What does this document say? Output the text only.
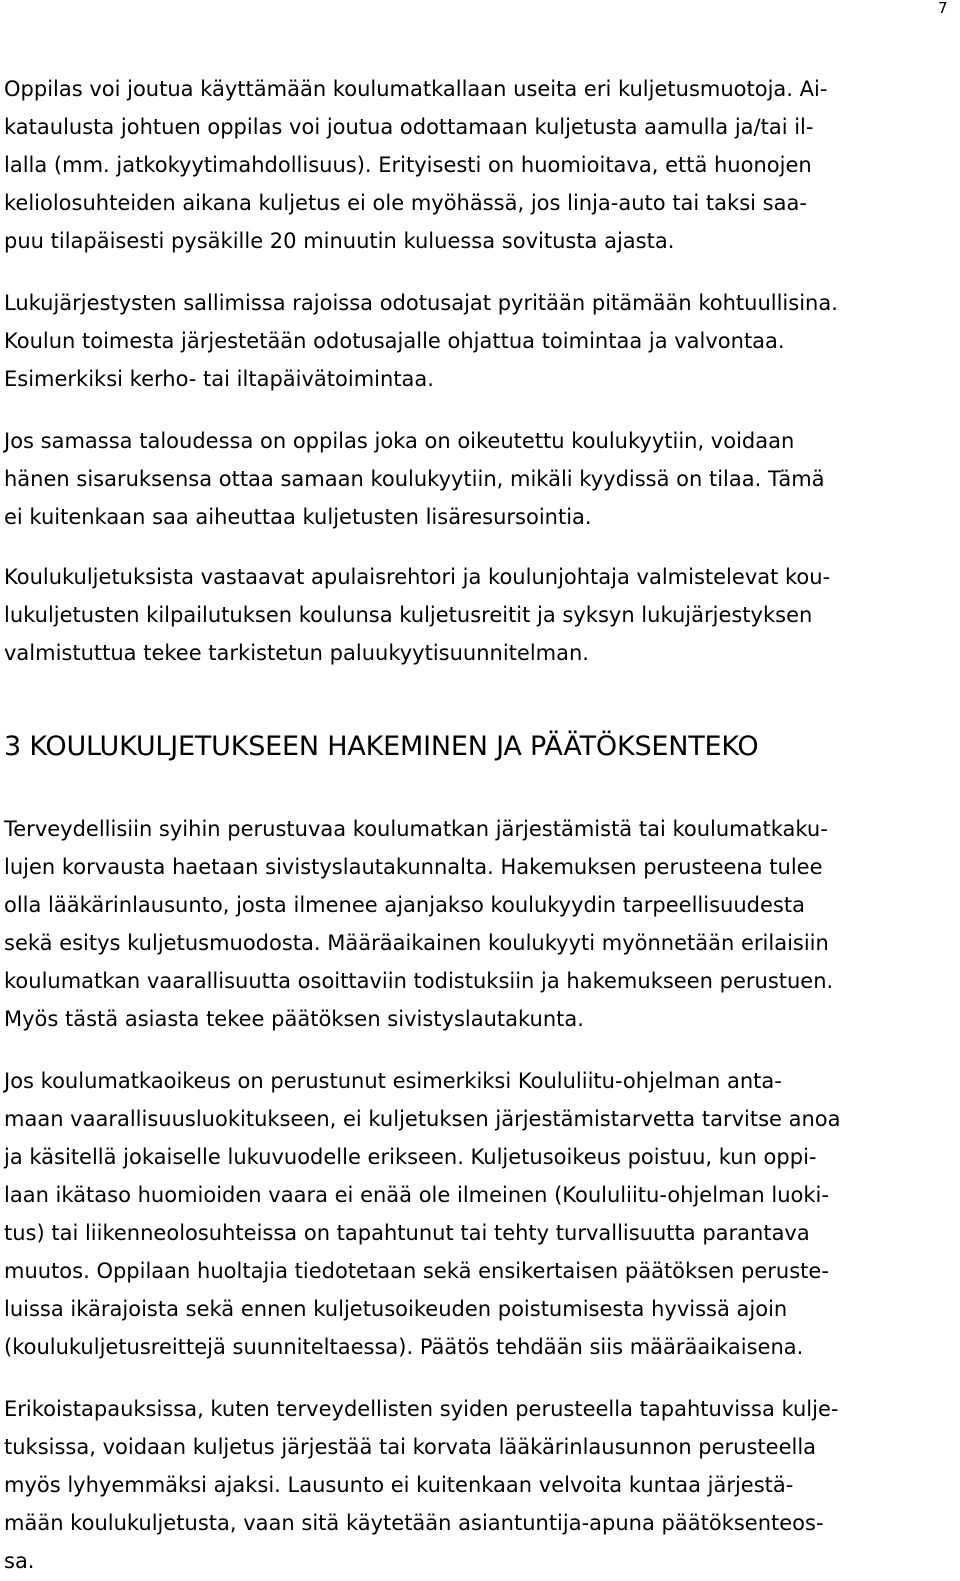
7
Oppilas voi joutua käyttämään koulumatkallaan useita eri kuljetusmuotoja. Ai-
kataulusta johtuen oppilas voi joutua odottamaan kuljetusta aamulla ja/tai il-
lalla (mm. jatkokyytimahdollisuus). Erityisesti on huomioitava, että huonojen
keliolosuhteiden aikana kuljetus ei ole myöhässä, jos linja-auto tai taksi saa-
puu tilapäisesti pysäkille 20 minuutin kuluessa sovitusta ajasta.
Lukujärjestysten sallimissa rajoissa odotusajat pyritään pitämään kohtuullisina.
Koulun toimesta järjestetään odotusajalle ohjattua toimintaa ja valvontaa.
Esimerkiksi kerho- tai iltapäivätoimintaa.
Jos samassa taloudessa on oppilas joka on oikeutettu koulukyytiin, voidaan
hänen sisaruksensa ottaa samaan koulukyytiin, mikäli kyydissä on tilaa. Tämä
ei kuitenkaan saa aiheuttaa kuljetusten lisäresursointia.
Koulukuljetuksista vastaavat apulaisrehtori ja koulunjohtaja valmistelevat kou-
lukuljetusten kilpailutuksen koulunsa kuljetusreitit ja syksyn lukujärjestyksen
valmistuttua tekee tarkistetun paluukyytisuunnitelman.
3 KOULUKULJETUKSEEN HAKEMINEN JA PÄÄTÖKSENTEKO
Terveydellisiin syihin perustuvaa koulumatkan järjestämistä tai koulumatkaku-
lujen korvausta haetaan sivistyslautakunnalta. Hakemuksen perusteena tulee
olla lääkärinlausunto, josta ilmenee ajanjakso koulukyydin tarpeellisuudesta
sekä esitys kuljetusmuodosta. Määräaikainen koulukyyti myönnetään erilaisiin
koulumatkan vaarallisuutta osoittaviin todistuksiin ja hakemukseen perustuen.
Myös tästä asiasta tekee päätöksen sivistyslautakunta.
Jos koulumatkaoikeus on perustunut esimerkiksi Koululiitu-ohjelman anta-
maan vaarallisuusluokitukseen, ei kuljetuksen järjestämistarvetta tarvitse anoa
ja käsitellä jokaiselle lukuvuodelle erikseen. Kuljetusoikeus poistuu, kun oppi-
laan ikätaso huomioiden vaara ei enää ole ilmeinen (Koululiitu-ohjelman luoki-
tus) tai liikenneolosuhteissa on tapahtunut tai tehty turvallisuutta parantava
muutos. Oppilaan huoltajia tiedotetaan sekä ensikertaisen päätöksen peruste-
luissa ikärajoista sekä ennen kuljetusoikeuden poistumisesta hyvissä ajoin
(koulukuljetusreittejä suunniteltaessa). Päätös tehdään siis määräaikaisena.
Erikoistapauksissa, kuten terveydellisten syiden perusteella tapahtuvissa kulje-
tuksissa, voidaan kuljetus järjestää tai korvata lääkärinlausunnon perusteella
myös lyhyemmäksi ajaksi. Lausunto ei kuitenkaan velvoita kuntaa järjestä-
mään koulukuljetusta, vaan sitä käytetään asiantuntija-apuna päätöksenteos-
sa.
